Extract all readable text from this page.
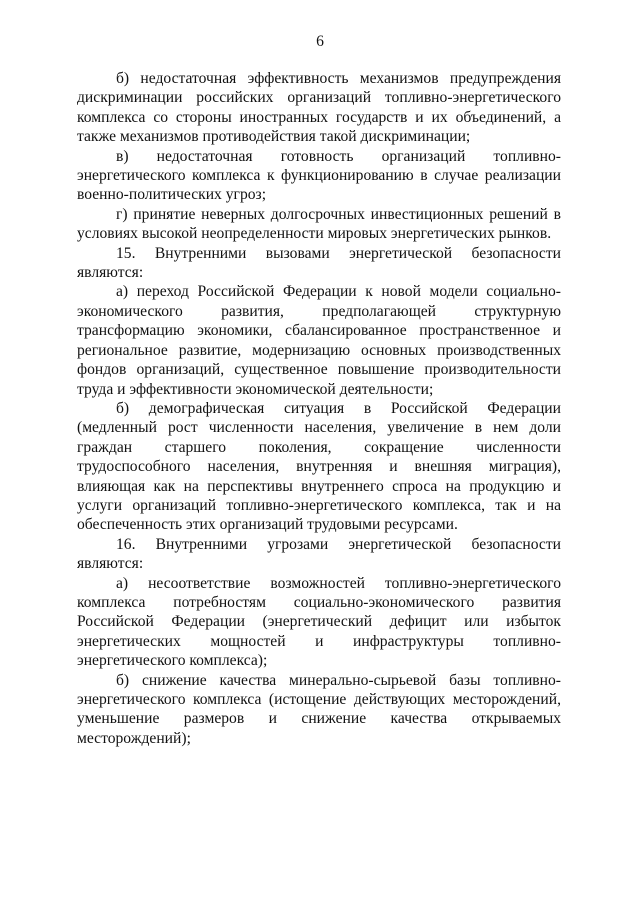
6

б) недостаточная эффективность механизмов предупреждения дискриминации российских организаций топливно-энергетического комплекса со стороны иностранных государств и их объединений, а также механизмов противодействия такой дискриминации;

в) недостаточная готовность организаций топливно-энергетического комплекса к функционированию в случае реализации военно-политических угроз;

г) принятие неверных долгосрочных инвестиционных решений в условиях высокой неопределенности мировых энергетических рынков.

15. Внутренними вызовами энергетической безопасности являются:

а) переход Российской Федерации к новой модели социально-экономического развития, предполагающей структурную трансформацию экономики, сбалансированное пространственное и региональное развитие, модернизацию основных производственных фондов организаций, существенное повышение производительности труда и эффективности экономической деятельности;

б) демографическая ситуация в Российской Федерации (медленный рост численности населения, увеличение в нем доли граждан старшего поколения, сокращение численности трудоспособного населения, внутренняя и внешняя миграция), влияющая как на перспективы внутреннего спроса на продукцию и услуги организаций топливно-энергетического комплекса, так и на обеспеченность этих организаций трудовыми ресурсами.

16. Внутренними угрозами энергетической безопасности являются:

а) несоответствие возможностей топливно-энергетического комплекса потребностям социально-экономического развития Российской Федерации (энергетический дефицит или избыток энергетических мощностей и инфраструктуры топливно-энергетического комплекса);

б) снижение качества минерально-сырьевой базы топливно-энергетического комплекса (истощение действующих месторождений, уменьшение размеров и снижение качества открываемых месторождений);
